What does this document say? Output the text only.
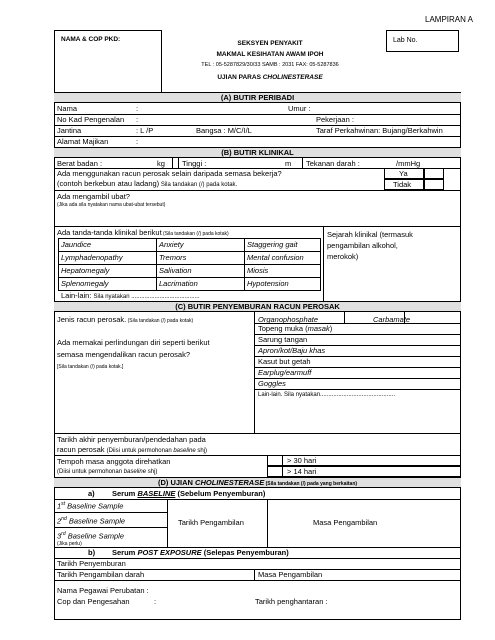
LAMPIRAN A
NAMA & COP PKD:	Lab No.
SEKSYEN PENYAKIT
MAKMAL KESIHATAN AWAM IPOH
TEL : 05-5287829/30/33 SAMB : 2031 FAX: 05-5287836
UJIAN PARAS CHOLINESTERASE
(A) BUTIR PERIBADI
Nama	:	Umur :
No Kad Pengenalan :	Pekerjaan :
Jantina	: L /P	Bangsa : M/C/I/L	Taraf Perkahwinan: Bujang/Berkahwin
Alamat Majikan	:
(B) BUTIR KLINIKAL
Berat badan :	kg Tinggi :	m Tekanan darah :	/mmHg
Ada menggunakan racun perosak selain daripada semasa bekerja?
(contoh berkebun atau ladang) Sila tandakan (/) pada kotak.
Ya
Tidak
Ada mengambil ubat?
(Jika ada sila nyatakan nama ubat-ubat tersebut)
Ada tanda-tanda klinikal berikut (Sila tandakan (/) pada kotak)	Sejarah klinikal (termasuk
pengambilan alkohol,
merokok)
Jaundice	Anxiety	Staggering gait
Lymphadenopathy	Tremors	Mental confusion
Hepatomegaly	Salivation	Miosis
Splenomegaly	Lacrimation	Hypotension
Lain-lain: Sila nyatakan .........................................
(C) BUTIR PENYEMBURAN RACUN PEROSAK
Jenis racun perosak. (Sila tandakan (/) pada kotak)	Organophosphate	Carbamate
Ada memakai perlindungan diri seperti berikut
semasa mengendalikan racun perosak?
[Sila tandakan (/) pada kotak.]
Topeng muka (masak)
Sarung tangan
Apron/kot/Baju khas
Kasut but getah
Earplug/earmuff
Goggles
Lain-lain. Sila nyatakan.............................................
Tarikh akhir penyemburan/pendedahan pada
racun perosak (Diisi untuk permohonan baseline shj)
Tempoh masa anggota direhatkan
(Diisi untuk permohonan baseline shj)
> 30 hari
> 14 hari
(D) UJIAN CHOLINESTERASE (Sila tandakan (/) pada yang berkaitan)
a) Serum BASELINE (Sebelum Penyemburan)
1st Baseline Sample
2nd Baseline Sample
3rd Baseline Sample
(Jika perlu)
Tarikh Pengambilan	Masa Pengambilan
b) Serum POST EXPOSURE (Selepas Penyemburan)
Tarikh Penyemburan
Tarikh Pengambilan darah	Masa Pengambilan
Nama Pegawai Perubatan :
Cop dan Pengesahan	:	Tarikh penghantaran :
